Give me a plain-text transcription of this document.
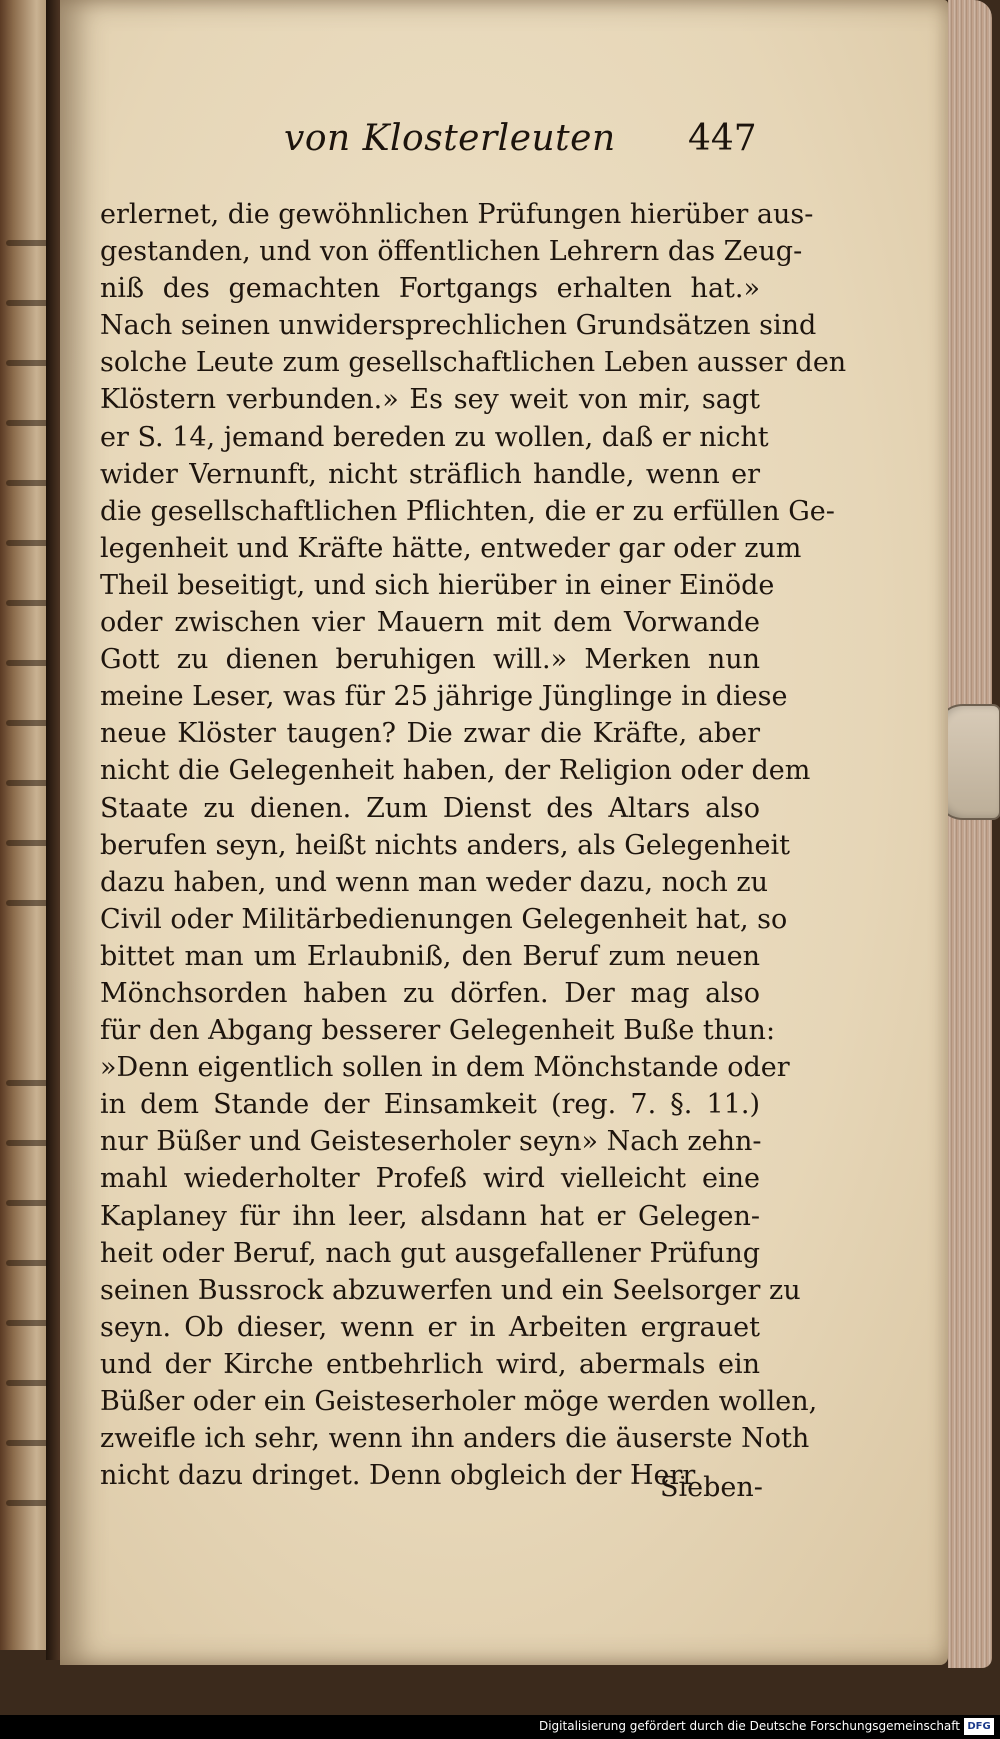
von Klosterleuten 447
erlernet, die gewöhnlichen Prüfungen hierüber aus-
gestanden, und von öffentlichen Lehrern das Zeug-
niß des gemachten Fortgangs erhalten hat.»
Nach seinen unwidersprechlichen Grundsätzen sind
solche Leute zum gesellschaftlichen Leben ausser den
Klöstern verbunden.» Es sey weit von mir, sagt
er S. 14, jemand bereden zu wollen, daß er nicht
wider Vernunft, nicht sträflich handle, wenn er
die gesellschaftlichen Pflichten, die er zu erfüllen Ge-
legenheit und Kräfte hätte, entweder gar oder zum
Theil beseitigt, und sich hierüber in einer Einöde
oder zwischen vier Mauern mit dem Vorwande
Gott zu dienen beruhigen will.» Merken nun
meine Leser, was für 25 jährige Jünglinge in diese
neue Klöster taugen? Die zwar die Kräfte, aber
nicht die Gelegenheit haben, der Religion oder dem
Staate zu dienen. Zum Dienst des Altars also
berufen seyn, heißt nichts anders, als Gelegenheit
dazu haben, und wenn man weder dazu, noch zu
Civil oder Militärbedienungen Gelegenheit hat, so
bittet man um Erlaubniß, den Beruf zum neuen
Mönchsorden haben zu dörfen. Der mag also
für den Abgang besserer Gelegenheit Buße thun:
»Denn eigentlich sollen in dem Mönchstande oder
in dem Stande der Einsamkeit (reg. 7. §. 11.)
nur Büßer und Geisteserholer seyn» Nach zehn-
mahl wiederholter Profeß wird vielleicht eine
Kaplaney für ihn leer, alsdann hat er Gelegen-
heit oder Beruf, nach gut ausgefallener Prüfung
seinen Bussrock abzuwerfen und ein Seelsorger zu
seyn. Ob dieser, wenn er in Arbeiten ergrauet
und der Kirche entbehrlich wird, abermals ein
Büßer oder ein Geisteserholer möge werden wollen,
zweifle ich sehr, wenn ihn anders die äuserste Noth
nicht dazu dringet. Denn obgleich der Herr
Sieben-
Digitalisierung gefördert durch die Deutsche Forschungsgemeinschaft DFG
